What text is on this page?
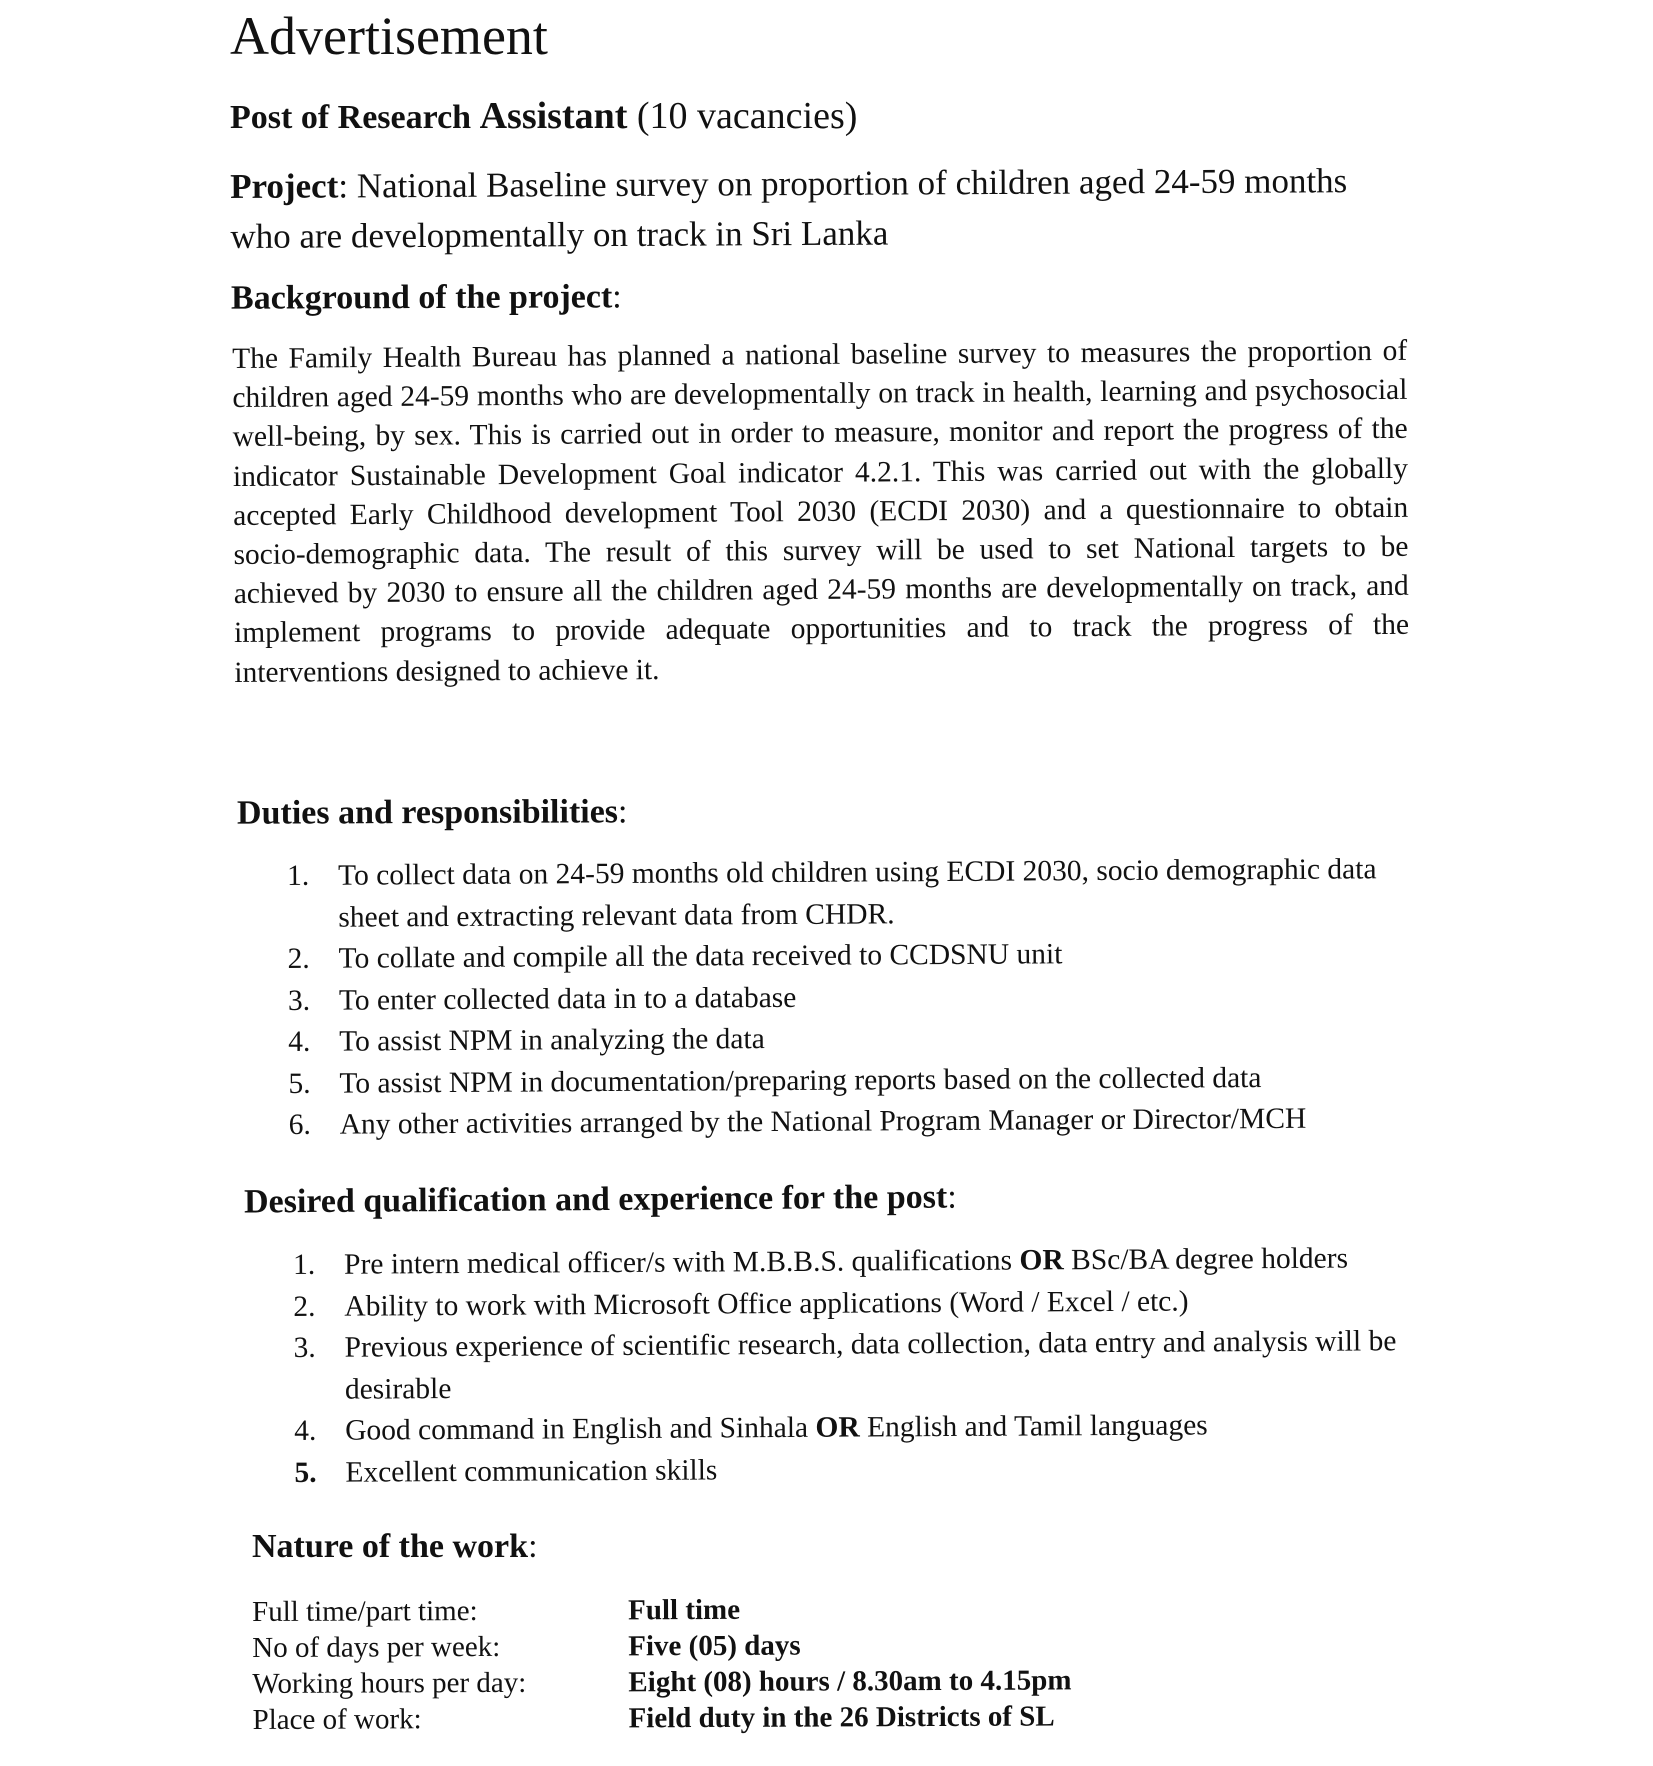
Advertisement
Post of Research Assistant (10 vacancies)

Project: National Baseline survey on proportion of children aged 24-59 months who are developmentally on track in Sri Lanka

Background of the project:

The Family Health Bureau has planned a national baseline survey to measures the proportion of children aged 24-59 months who are developmentally on track in health, learning and psychosocial well-being, by sex. This is carried out in order to measure, monitor and report the progress of the indicator Sustainable Development Goal indicator 4.2.1. This was carried out with the globally accepted Early Childhood development Tool 2030 (ECDI 2030) and a questionnaire to obtain socio-demographic data. The result of this survey will be used to set National targets to be achieved by 2030 to ensure all the children aged 24-59 months are developmentally on track, and implement programs to provide adequate opportunities and to track the progress of the interventions designed to achieve it.

Duties and responsibilities:
1. To collect data on 24-59 months old children using ECDI 2030, socio demographic data sheet and extracting relevant data from CHDR.
2. To collate and compile all the data received to CCDSNU unit
3. To enter collected data in to a database
4. To assist NPM in analyzing the data
5. To assist NPM in documentation/preparing reports based on the collected data
6. Any other activities arranged by the National Program Manager or Director/MCH
Desired qualification and experience for the post:
1. Pre intern medical officer/s with M.B.B.S. qualifications OR BSc/BA degree holders
2. Ability to work with Microsoft Office applications (Word / Excel / etc.)
3. Previous experience of scientific research, data collection, data entry and analysis will be desirable
4. Good command in English and Sinhala OR English and Tamil languages
5. Excellent communication skills
Nature of the work:
Full time/part time:	Full time
No of days per week:	Five (05) days
Working hours per day:	Eight (08) hours / 8.30am to 4.15pm
Place of work:	Field duty in the 26 Districts of SL
